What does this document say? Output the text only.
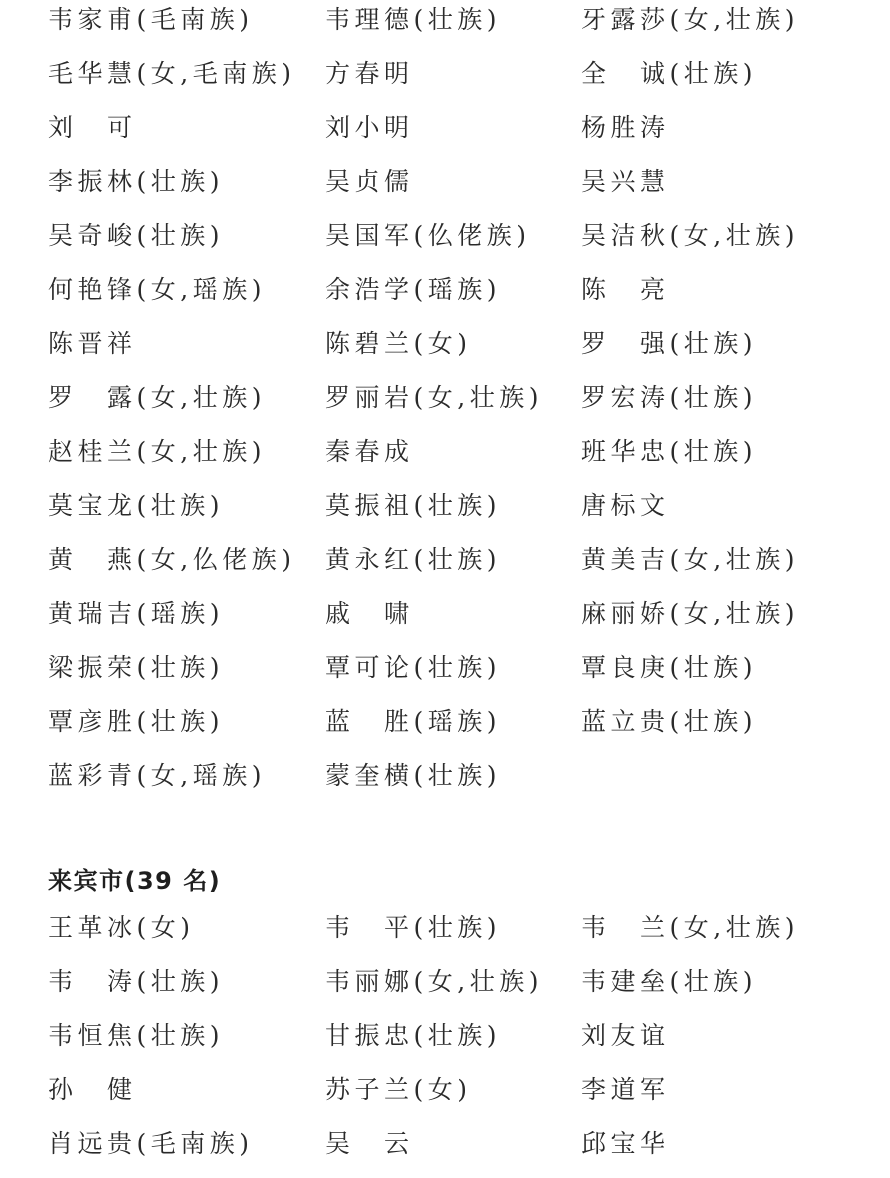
韦家甫(毛南族)	韦理德(壮族)	牙露莎(女,壮族)
毛华慧(女,毛南族)	方春明	全　诚(壮族)
刘　可	刘小明	杨胜涛
李振林(壮族)	吴贞儒	吴兴慧
吴奇峻(壮族)	吴国军(仫佬族)	吴洁秋(女,壮族)
何艳锋(女,瑶族)	余浩学(瑶族)	陈　亮
陈晋祥	陈碧兰(女)	罗　强(壮族)
罗　露(女,壮族)	罗丽岩(女,壮族)	罗宏涛(壮族)
赵桂兰(女,壮族)	秦春成	班华忠(壮族)
莫宝龙(壮族)	莫振祖(壮族)	唐标文
黄　燕(女,仫佬族)	黄永红(壮族)	黄美吉(女,壮族)
黄瑞吉(瑶族)	戚　啸	麻丽娇(女,壮族)
梁振荣(壮族)	覃可论(壮族)	覃良庚(壮族)
覃彦胜(壮族)	蓝　胜(瑶族)	蓝立贵(壮族)
蓝彩青(女,瑶族)	蒙奎横(壮族)
来宾市(39 名)
王革冰(女)	韦　平(壮族)	韦　兰(女,壮族)
韦　涛(壮族)	韦丽娜(女,壮族)	韦建垒(壮族)
韦恒焦(壮族)	甘振忠(壮族)	刘友谊
孙　健	苏子兰(女)	李道军
肖远贵(毛南族)	吴　云	邱宝华
